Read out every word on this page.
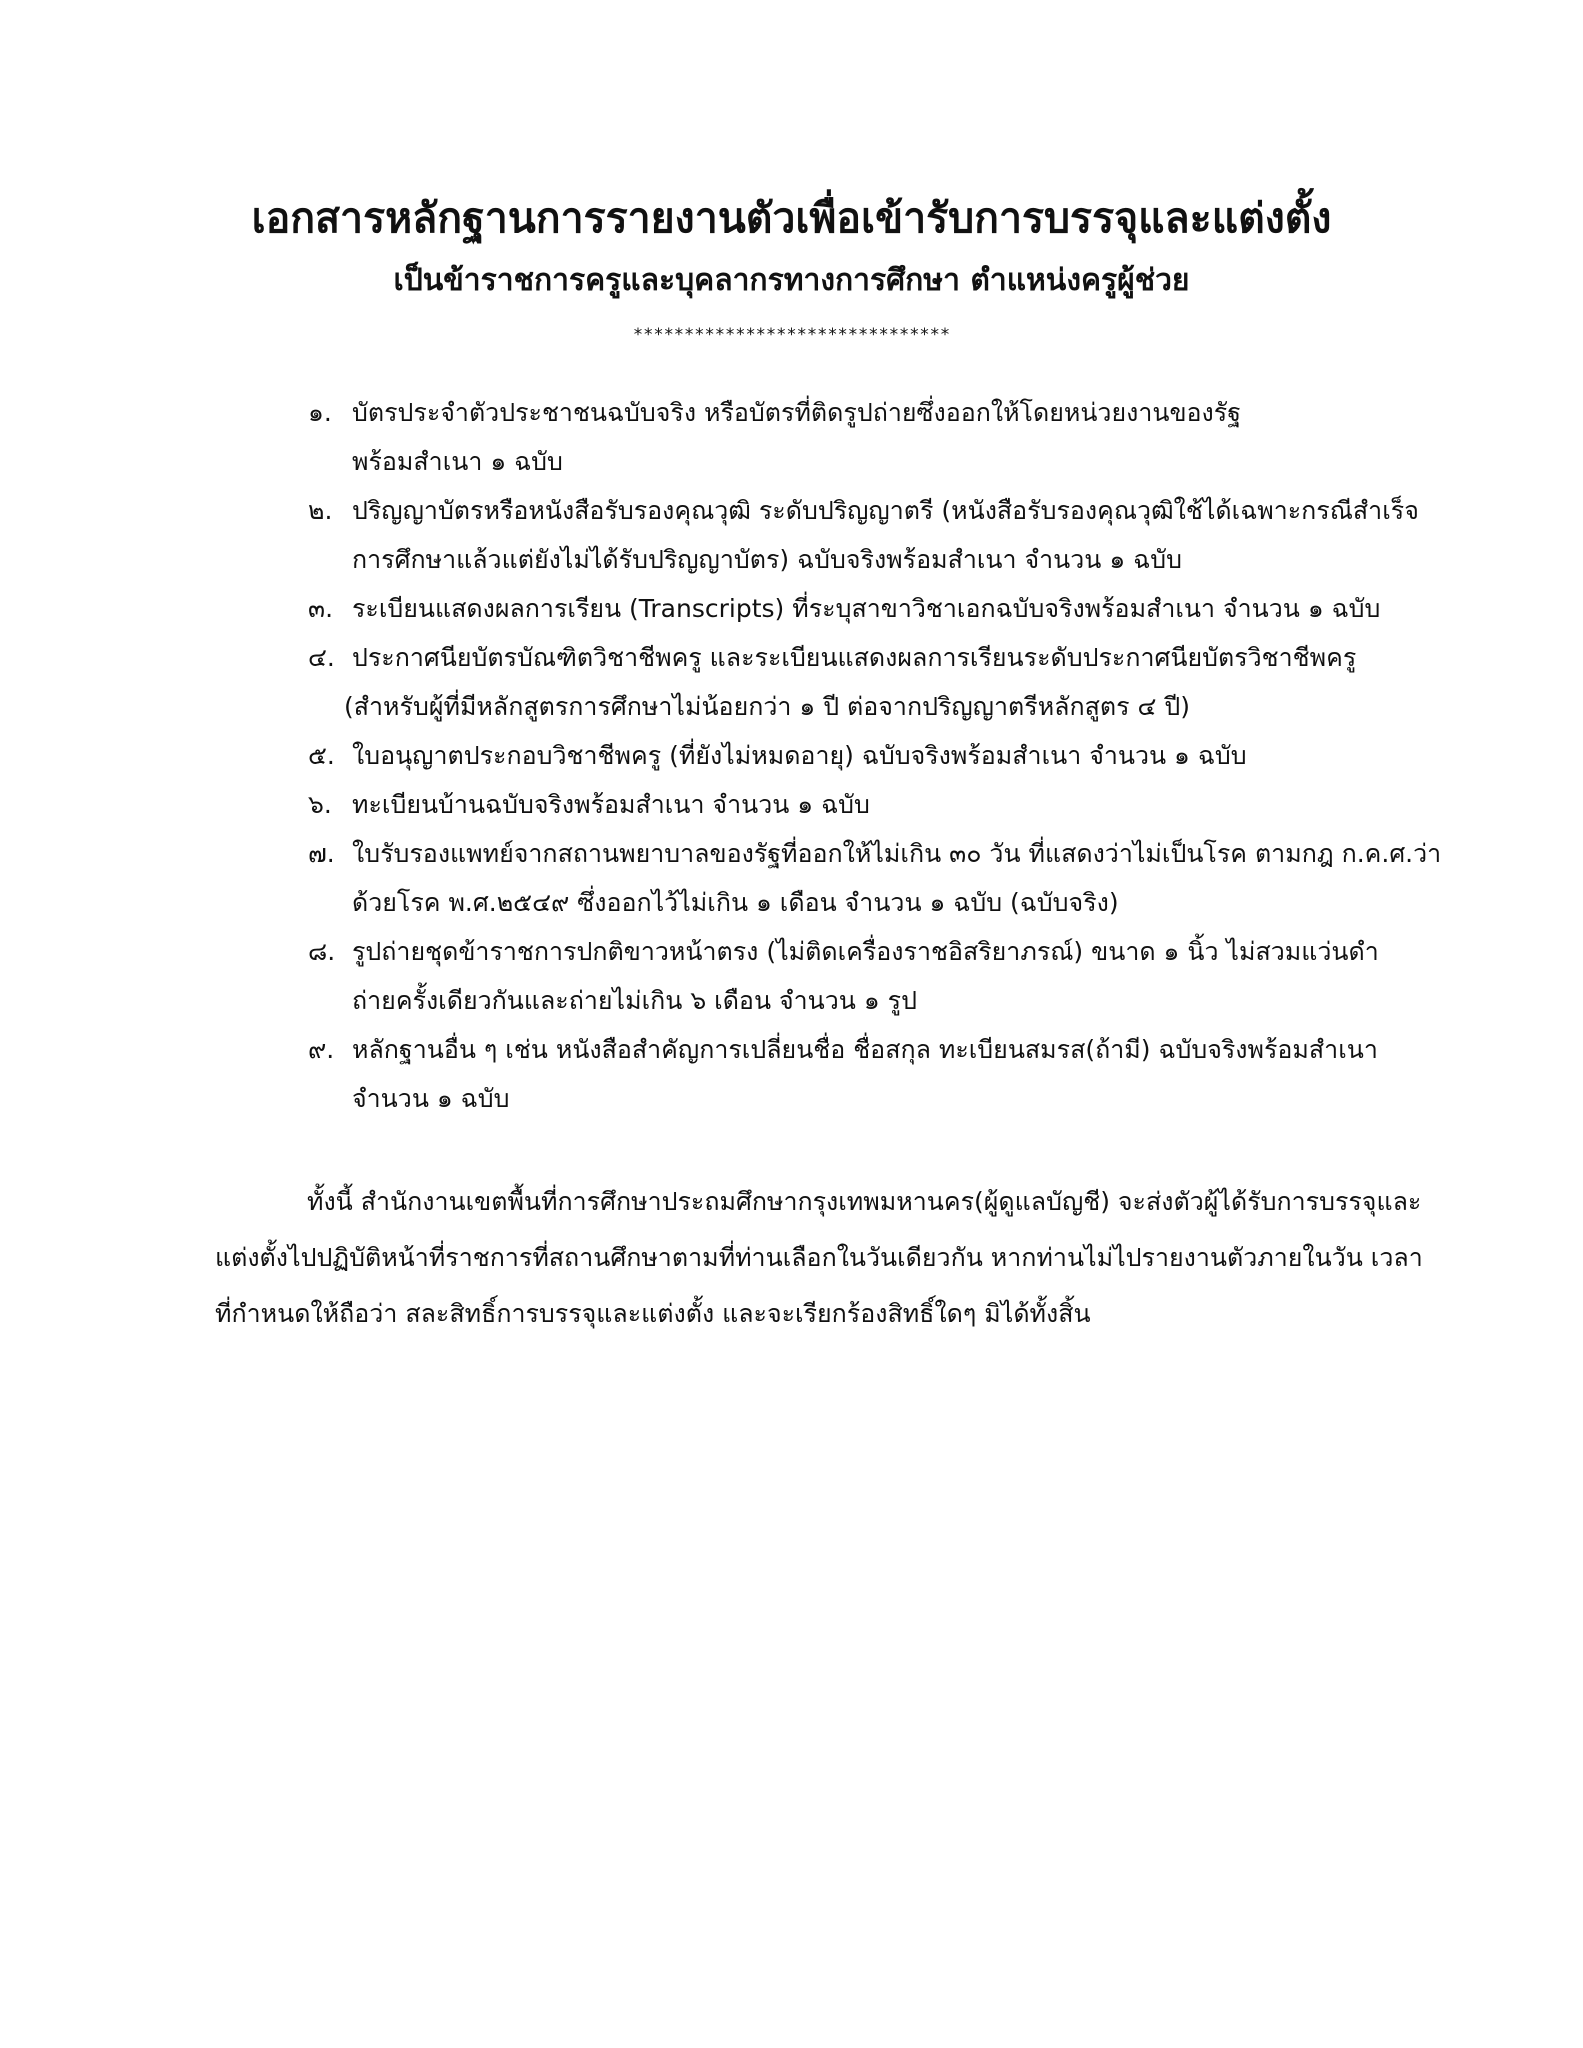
เอกสารหลักฐานการรายงานตัวเพื่อเข้ารับการบรรจุและแต่งตั้ง
เป็นข้าราชการครูและบุคลากรทางการศึกษา ตำแหน่งครูผู้ช่วย
*******************************
๑. บัตรประจำตัวประชาชนฉบับจริง หรือบัตรที่ติดรูปถ่ายซึ่งออกให้โดยหน่วยงานของรัฐ
พร้อมสำเนา ๑ ฉบับ
๒. ปริญญาบัตรหรือหนังสือรับรองคุณวุฒิ ระดับปริญญาตรี (หนังสือรับรองคุณวุฒิใช้ได้เฉพาะกรณีสำเร็จ
การศึกษาแล้วแต่ยังไม่ได้รับปริญญาบัตร) ฉบับจริงพร้อมสำเนา จำนวน ๑ ฉบับ
๓. ระเบียนแสดงผลการเรียน (Transcripts) ที่ระบุสาขาวิชาเอกฉบับจริงพร้อมสำเนา จำนวน ๑ ฉบับ
๔. ประกาศนียบัตรบัณฑิตวิชาชีพครู และระเบียนแสดงผลการเรียนระดับประกาศนียบัตรวิชาชีพครู
(สำหรับผู้ที่มีหลักสูตรการศึกษาไม่น้อยกว่า ๑ ปี ต่อจากปริญญาตรีหลักสูตร ๔ ปี)
๕. ใบอนุญาตประกอบวิชาชีพครู (ที่ยังไม่หมดอายุ) ฉบับจริงพร้อมสำเนา จำนวน ๑ ฉบับ
๖. ทะเบียนบ้านฉบับจริงพร้อมสำเนา จำนวน ๑ ฉบับ
๗. ใบรับรองแพทย์จากสถานพยาบาลของรัฐที่ออกให้ไม่เกิน ๓๐ วัน ที่แสดงว่าไม่เป็นโรค ตามกฎ ก.ค.ศ.ว่า
ด้วยโรค พ.ศ.๒๕๔๙ ซึ่งออกไว้ไม่เกิน ๑ เดือน จำนวน ๑ ฉบับ (ฉบับจริง)
๘. รูปถ่ายชุดข้าราชการปกติขาวหน้าตรง (ไม่ติดเครื่องราชอิสริยาภรณ์) ขนาด ๑ นิ้ว ไม่สวมแว่นดำ
ถ่ายครั้งเดียวกันและถ่ายไม่เกิน ๖ เดือน จำนวน ๑ รูป
๙. หลักฐานอื่น ๆ เช่น หนังสือสำคัญการเปลี่ยนชื่อ ชื่อสกุล ทะเบียนสมรส(ถ้ามี) ฉบับจริงพร้อมสำเนา
จำนวน ๑ ฉบับ
ทั้งนี้ สำนักงานเขตพื้นที่การศึกษาประถมศึกษากรุงเทพมหานคร(ผู้ดูแลบัญชี) จะส่งตัวผู้ได้รับการบรรจุและ
แต่งตั้งไปปฏิบัติหน้าที่ราชการที่สถานศึกษาตามที่ท่านเลือกในวันเดียวกัน หากท่านไม่ไปรายงานตัวภายในวัน เวลา
ที่กำหนดให้ถือว่า สละสิทธิ์การบรรจุและแต่งตั้ง และจะเรียกร้องสิทธิ์ใดๆ มิได้ทั้งสิ้น
